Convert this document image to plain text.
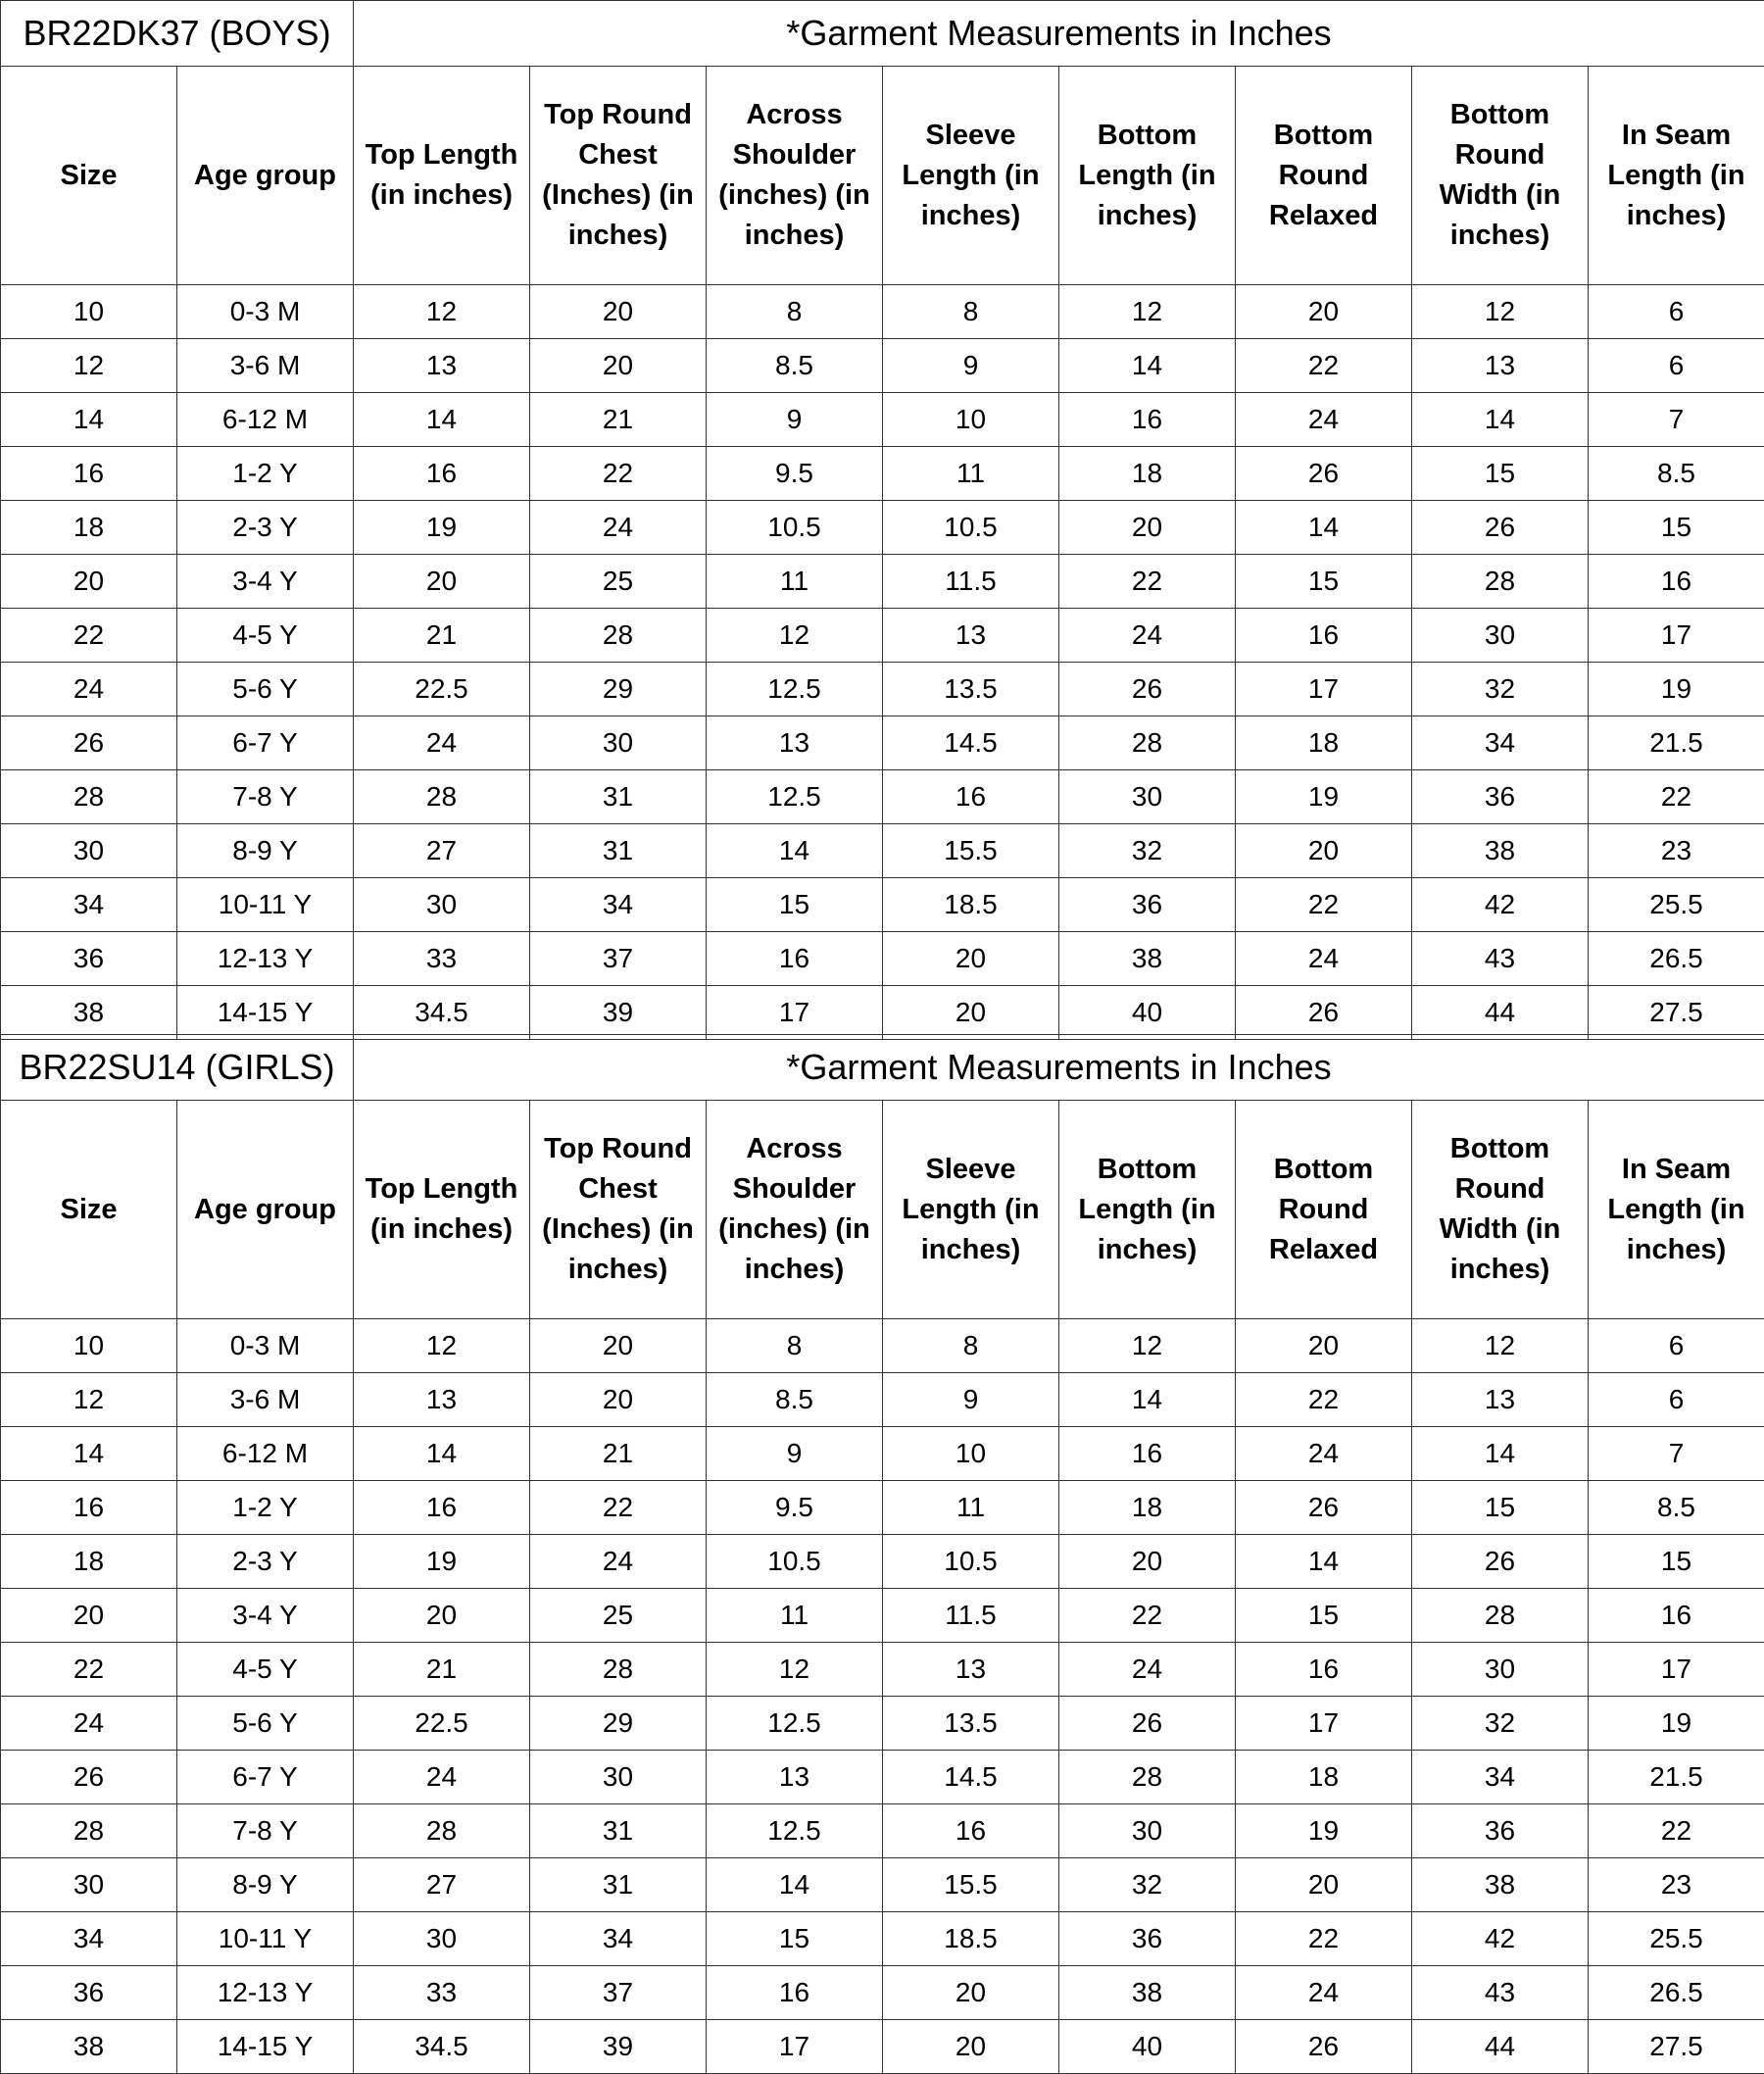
BR22DK37 (BOYS)		*Garment Measurements in Inches							
Size	Age group	Top Length (in inches)	Top Round Chest (Inches) (in inches)	Across Shoulder (inches) (in inches)	Sleeve Length (in inches)	Bottom Length (in inches)	Bottom Round Relaxed	Bottom Round Width (in inches)	In Seam Length (in inches)
10	0-3 M	12	20	8	8	12	20	12	6
12	3-6 M	13	20	8.5	9	14	22	13	6
14	6-12 M	14	21	9	10	16	24	14	7
16	1-2 Y	16	22	9.5	11	18	26	15	8.5
18	2-3 Y	19	24	10.5	10.5	20	14	26	15
20	3-4 Y	20	25	11	11.5	22	15	28	16
22	4-5 Y	21	28	12	13	24	16	30	17
24	5-6 Y	22.5	29	12.5	13.5	26	17	32	19
26	6-7 Y	24	30	13	14.5	28	18	34	21.5
28	7-8 Y	28	31	12.5	16	30	19	36	22
30	8-9 Y	27	31	14	15.5	32	20	38	23
34	10-11 Y	30	34	15	18.5	36	22	42	25.5
36	12-13 Y	33	37	16	20	38	24	43	26.5
38	14-15 Y	34.5	39	17	20	40	26	44	27.5
BR22SU14 (GIRLS)		*Garment Measurements in Inches							
Size	Age group	Top Length (in inches)	Top Round Chest (Inches) (in inches)	Across Shoulder (inches) (in inches)	Sleeve Length (in inches)	Bottom Length (in inches)	Bottom Round Relaxed	Bottom Round Width (in inches)	In Seam Length (in inches)
10	0-3 M	12	20	8	8	12	20	12	6
12	3-6 M	13	20	8.5	9	14	22	13	6
14	6-12 M	14	21	9	10	16	24	14	7
16	1-2 Y	16	22	9.5	11	18	26	15	8.5
18	2-3 Y	19	24	10.5	10.5	20	14	26	15
20	3-4 Y	20	25	11	11.5	22	15	28	16
22	4-5 Y	21	28	12	13	24	16	30	17
24	5-6 Y	22.5	29	12.5	13.5	26	17	32	19
26	6-7 Y	24	30	13	14.5	28	18	34	21.5
28	7-8 Y	28	31	12.5	16	30	19	36	22
30	8-9 Y	27	31	14	15.5	32	20	38	23
34	10-11 Y	30	34	15	18.5	36	22	42	25.5
36	12-13 Y	33	37	16	20	38	24	43	26.5
38	14-15 Y	34.5	39	17	20	40	26	44	27.5
